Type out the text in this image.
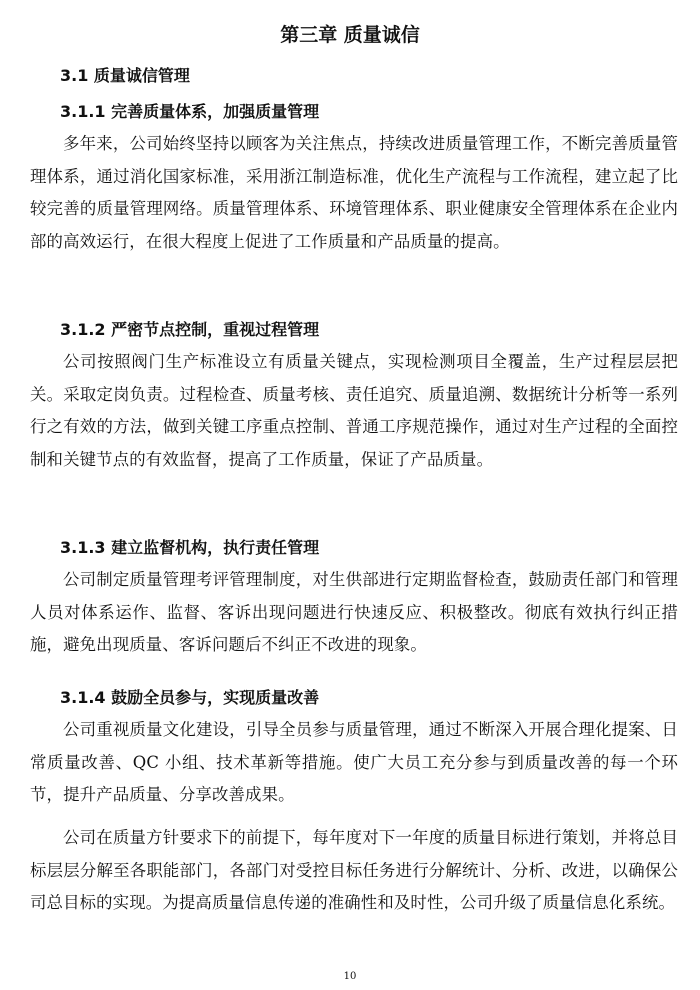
第三章 质量诚信
3.1 质量诚信管理
3.1.1 完善质量体系，加强质量管理
多年来，公司始终坚持以顾客为关注焦点，持续改进质量管理工作，不断完善质量管理体系，通过消化国家标准，采用浙江制造标准，优化生产流程与工作流程，建立起了比较完善的质量管理网络。质量管理体系、环境管理体系、职业健康安全管理体系在企业内部的高效运行，在很大程度上促进了工作质量和产品质量的提高。
3.1.2 严密节点控制，重视过程管理
公司按照阀门生产标准设立有质量关键点，实现检测项目全覆盖，生产过程层层把关。采取定岗负责。过程检查、质量考核、责任追究、质量追溯、数据统计分析等一系列行之有效的方法，做到关键工序重点控制、普通工序规范操作，通过对生产过程的全面控制和关键节点的有效监督，提高了工作质量，保证了产品质量。
3.1.3 建立监督机构，执行责任管理
公司制定质量管理考评管理制度，对生供部进行定期监督检查，鼓励责任部门和管理人员对体系运作、监督、客诉出现问题进行快速反应、积极整改。彻底有效执行纠正措施，避免出现质量、客诉问题后不纠正不改进的现象。
3.1.4 鼓励全员参与，实现质量改善
公司重视质量文化建设，引导全员参与质量管理，通过不断深入开展合理化提案、日常质量改善、QC 小组、技术革新等措施。使广大员工充分参与到质量改善的每一个环节，提升产品质量、分享改善成果。
公司在质量方针要求下的前提下，每年度对下一年度的质量目标进行策划，并将总目标层层分解至各职能部门，各部门对受控目标任务进行分解统计、分析、改进，以确保公司总目标的实现。为提高质量信息传递的准确性和及时性，公司升级了质量信息化系统。
10
